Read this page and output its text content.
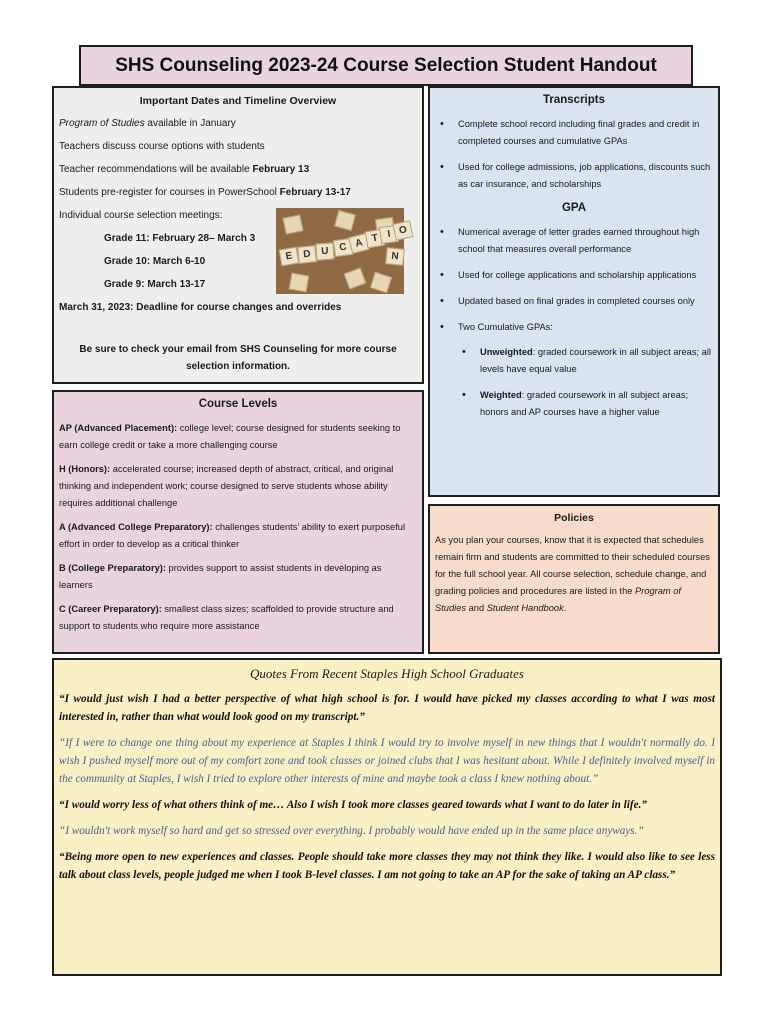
SHS Counseling 2023-24 Course Selection Student Handout

Important Dates and Timeline Overview

Program of Studies available in January

Teachers discuss course options with students

Teacher recommendations will be available February 13

Students pre-register for courses in PowerSchool February 13-17

Individual course selection meetings:

Grade 11: February 28– March 3

Grade 10: March 6-10

Grade 9: March 13-17

March 31, 2023: Deadline for course changes and overrides

Be sure to check your email from SHS Counseling for more course selection information.

E D U C A T I O
N

Course Levels

AP (Advanced Placement): college level; course designed for students seeking to earn college credit or take a more challenging course

H (Honors): accelerated course; increased depth of abstract, critical, and original thinking and independent work; course designed to serve students whose ability requires additional challenge

A (Advanced College Preparatory): challenges students’ ability to exert purposeful effort in order to develop as a critical thinker

B (College Preparatory): provides support to assist students in developing as learners

C (Career Preparatory): smallest class sizes; scaffolded to provide structure and support to students who require more assistance

Transcripts

• Complete school record including final grades and credit in completed courses and cumulative GPAs
• Used for college admissions, job applications, discounts such as car insurance, and scholarships

GPA

• Numerical average of letter grades earned throughout high school that measures overall performance
• Used for college applications and scholarship applications
• Updated based on final grades in completed courses only
• Two Cumulative GPAs:
• Unweighted: graded coursework in all subject areas; all levels have equal value
• Weighted: graded coursework in all subject areas; honors and AP courses have a higher value

Policies

As you plan your courses, know that it is expected that schedules remain firm and students are committed to their scheduled courses for the full school year. All course selection, schedule change, and grading policies and procedures are listed in the Program of Studies and Student Handbook.

Quotes From Recent Staples High School Graduates

“I would just wish I had a better perspective of what high school is for. I would have picked my classes according to what I was most interested in, rather than what would look good on my transcript.”

“If I were to change one thing about my experience at Staples I think I would try to involve myself in new things that I wouldn't normally do. I wish I pushed myself more out of my comfort zone and took classes or joined clubs that I was hesitant about. While I definitely involved myself in the community at Staples, I wish I tried to explore other interests of mine and maybe took a class I knew nothing about.”

“I would worry less of what others think of me… Also I wish I took more classes geared towards what I want to do later in life.”

“I wouldn't work myself so hard and get so stressed over everything. I probably would have ended up in the same place anyways.”

“Being more open to new experiences and classes. People should take more classes they may not think they like. I would also like to see less talk about class levels, people judged me when I took B-level classes. I am not going to take an AP for the sake of taking an AP class.”
